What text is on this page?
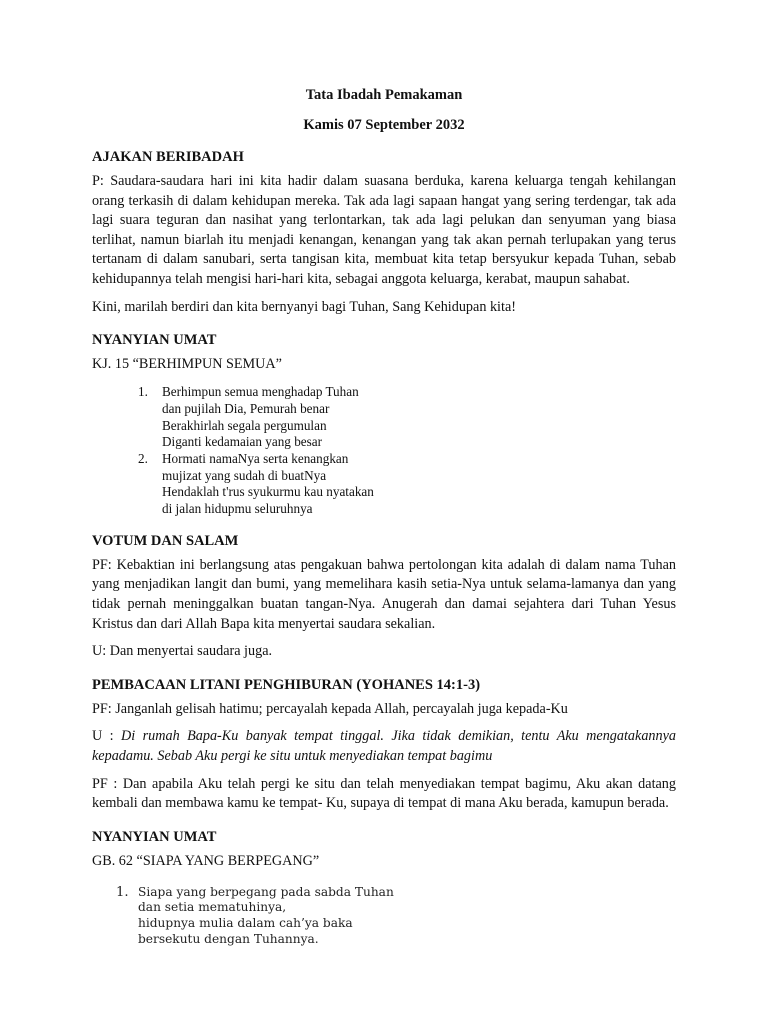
Tata Ibadah Pemakaman
Kamis 07 September 2032
AJAKAN BERIBADAH

P: Saudara-saudara hari ini kita hadir dalam suasana berduka, karena keluarga tengah kehilangan orang terkasih di dalam kehidupan mereka. Tak ada lagi sapaan hangat yang sering terdengar, tak ada lagi suara teguran dan nasihat yang terlontarkan, tak ada lagi pelukan dan senyuman yang biasa terlihat, namun biarlah itu menjadi kenangan, kenangan yang tak akan pernah terlupakan yang terus tertanam di dalam sanubari, serta tangisan kita, membuat kita tetap bersyukur kepada Tuhan, sebab kehidupannya telah mengisi hari-hari kita, sebagai anggota keluarga, kerabat, maupun sahabat.

Kini, marilah berdiri dan kita bernyanyi bagi Tuhan, Sang Kehidupan kita!

NYANYIAN UMAT
KJ. 15 “BERHIMPUN SEMUA”
1. Berhimpun semua menghadap Tuhan
dan pujilah Dia, Pemurah benar
Berakhirlah segala pergumulan
Diganti kedamaian yang besar
2. Hormati namaNya serta kenangkan
mujizat yang sudah di buatNya
Hendaklah t'rus syukurmu kau nyatakan
di jalan hidupmu seluruhnya
VOTUM DAN SALAM

PF: Kebaktian ini berlangsung atas pengakuan bahwa pertolongan kita adalah di dalam nama Tuhan yang menjadikan langit dan bumi, yang memelihara kasih setia-Nya untuk selama-lamanya dan yang tidak pernah meninggalkan buatan tangan-Nya. Anugerah dan damai sejahtera dari Tuhan Yesus Kristus dan dari Allah Bapa kita menyertai saudara sekalian.

U: Dan menyertai saudara juga.

PEMBACAAN LITANI PENGHIBURAN (YOHANES 14:1-3)

PF: Janganlah gelisah hatimu; percayalah kepada Allah, percayalah juga kepada-Ku

U : Di rumah Bapa-Ku banyak tempat tinggal. Jika tidak demikian, tentu Aku mengatakannya kepadamu. Sebab Aku pergi ke situ untuk menyediakan tempat bagimu

PF : Dan apabila Aku telah pergi ke situ dan telah menyediakan tempat bagimu, Aku akan datang kembali dan membawa kamu ke tempat- Ku, supaya di tempat di mana Aku berada, kamupun berada.

NYANYIAN UMAT
GB. 62 “SIAPA YANG BERPEGANG”
1. Siapa yang berpegang pada sabda Tuhan
dan setia mematuhinya,
hidupnya mulia dalam cah’ya baka
bersekutu dengan Tuhannya.
